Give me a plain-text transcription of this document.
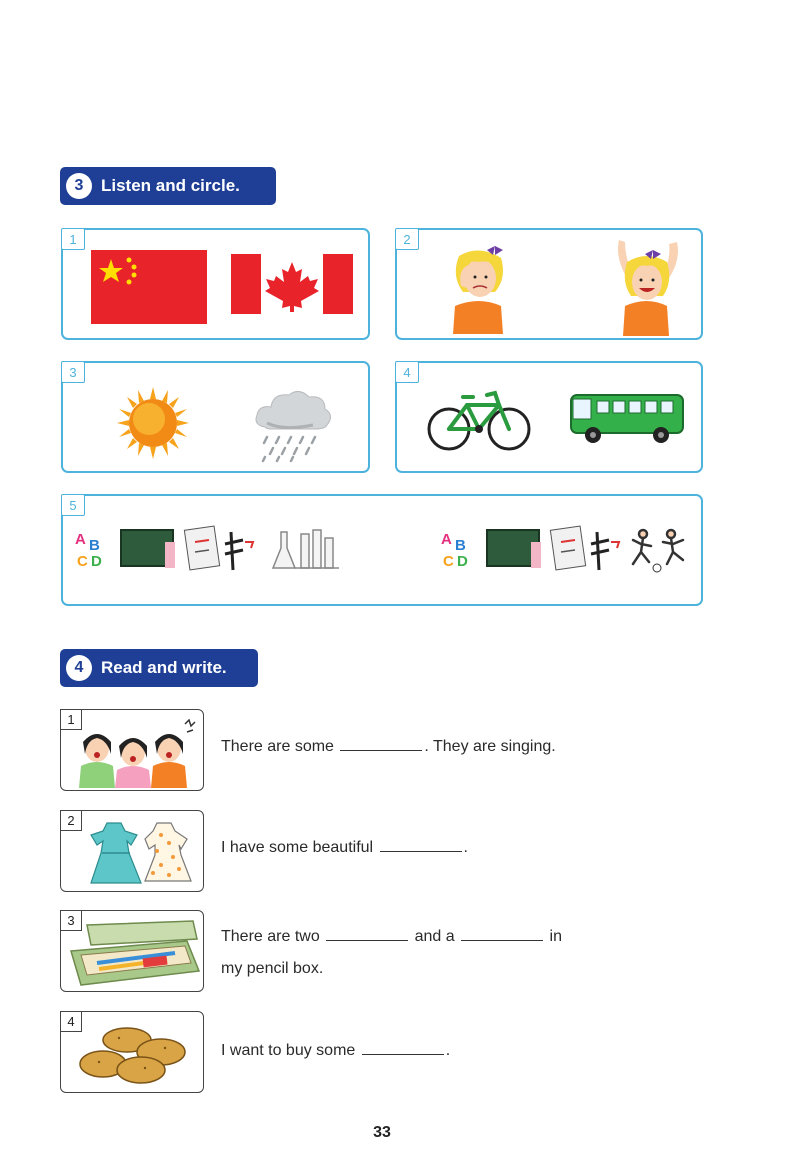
3	Listen and circle.
1	2
3	4
5
A B
C D
A B
C D
4	Read and write.
1
There are some	. They are singing.
2
I have some beautiful	.
3
There are two	and a	in
my pencil box.
4
I want to buy some	.
33
